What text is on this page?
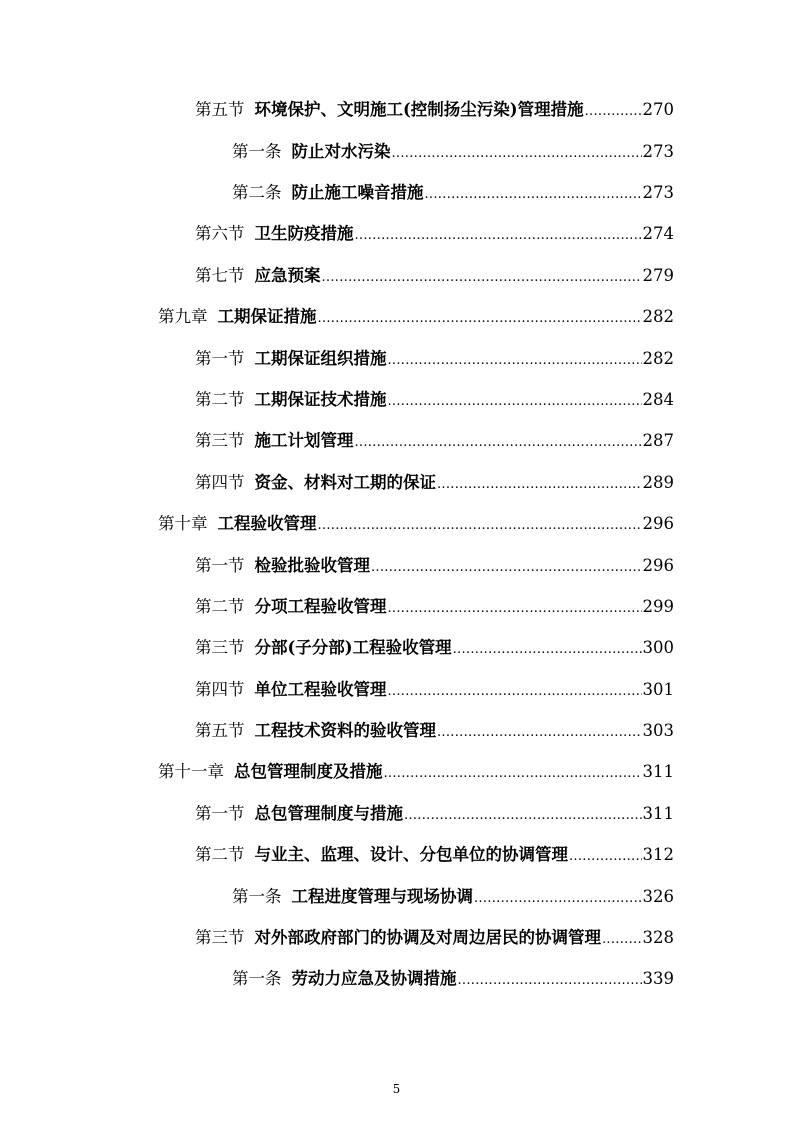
第五节 环境保护、文明施工(控制扬尘污染)管理措施 .....	270
第一条 防止对水污染 .....	273
第二条 防止施工噪音措施 .....	273
第六节 卫生防疫措施 .....	274
第七节 应急预案 .....	279
第九章 工期保证措施 .....	282
第一节 工期保证组织措施 .....	282
第二节 工期保证技术措施 .....	284
第三节 施工计划管理 .....	287
第四节 资金、材料对工期的保证 .....	289
第十章 工程验收管理 .....	296
第一节 检验批验收管理 .....	296
第二节 分项工程验收管理 .....	299
第三节 分部(子分部)工程验收管理 .....	300
第四节 单位工程验收管理 .....	301
第五节 工程技术资料的验收管理 .....	303
第十一章 总包管理制度及措施 .....	311
第一节 总包管理制度与措施 .....	311
第二节 与业主、监理、设计、分包单位的协调管理 .....	312
第一条 工程进度管理与现场协调 .....	326
第三节 对外部政府部门的协调及对周边居民的协调管理 .....	328
第一条 劳动力应急及协调措施 .....	339
5
